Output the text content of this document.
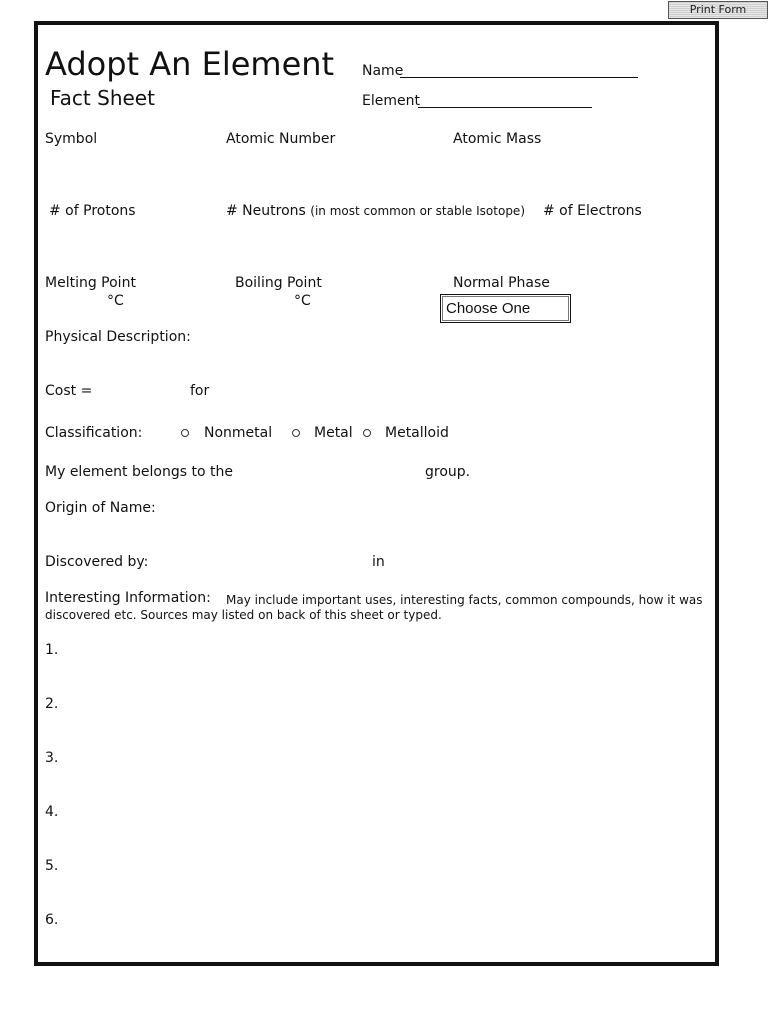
Print Form
Adopt An Element
Fact Sheet
Name
Element
Symbol	Atomic Number	Atomic Mass
# of Protons	# Neutrons (in most common or stable Isotope) # of Electrons
Melting Point
°C
Boiling Point
°C
Normal Phase
Choose One
Physical Description:
Cost =	for
Classification:	Nonmetal	Metal Metalloid
My element belongs to the	group.
Origin of Name:
Discovered by:	in
Interesting Information: May include important uses, interesting facts, common compounds, how it was
discovered etc. Sources may listed on back of this sheet or typed.
1.
2.
3.
4.
5.
6.
